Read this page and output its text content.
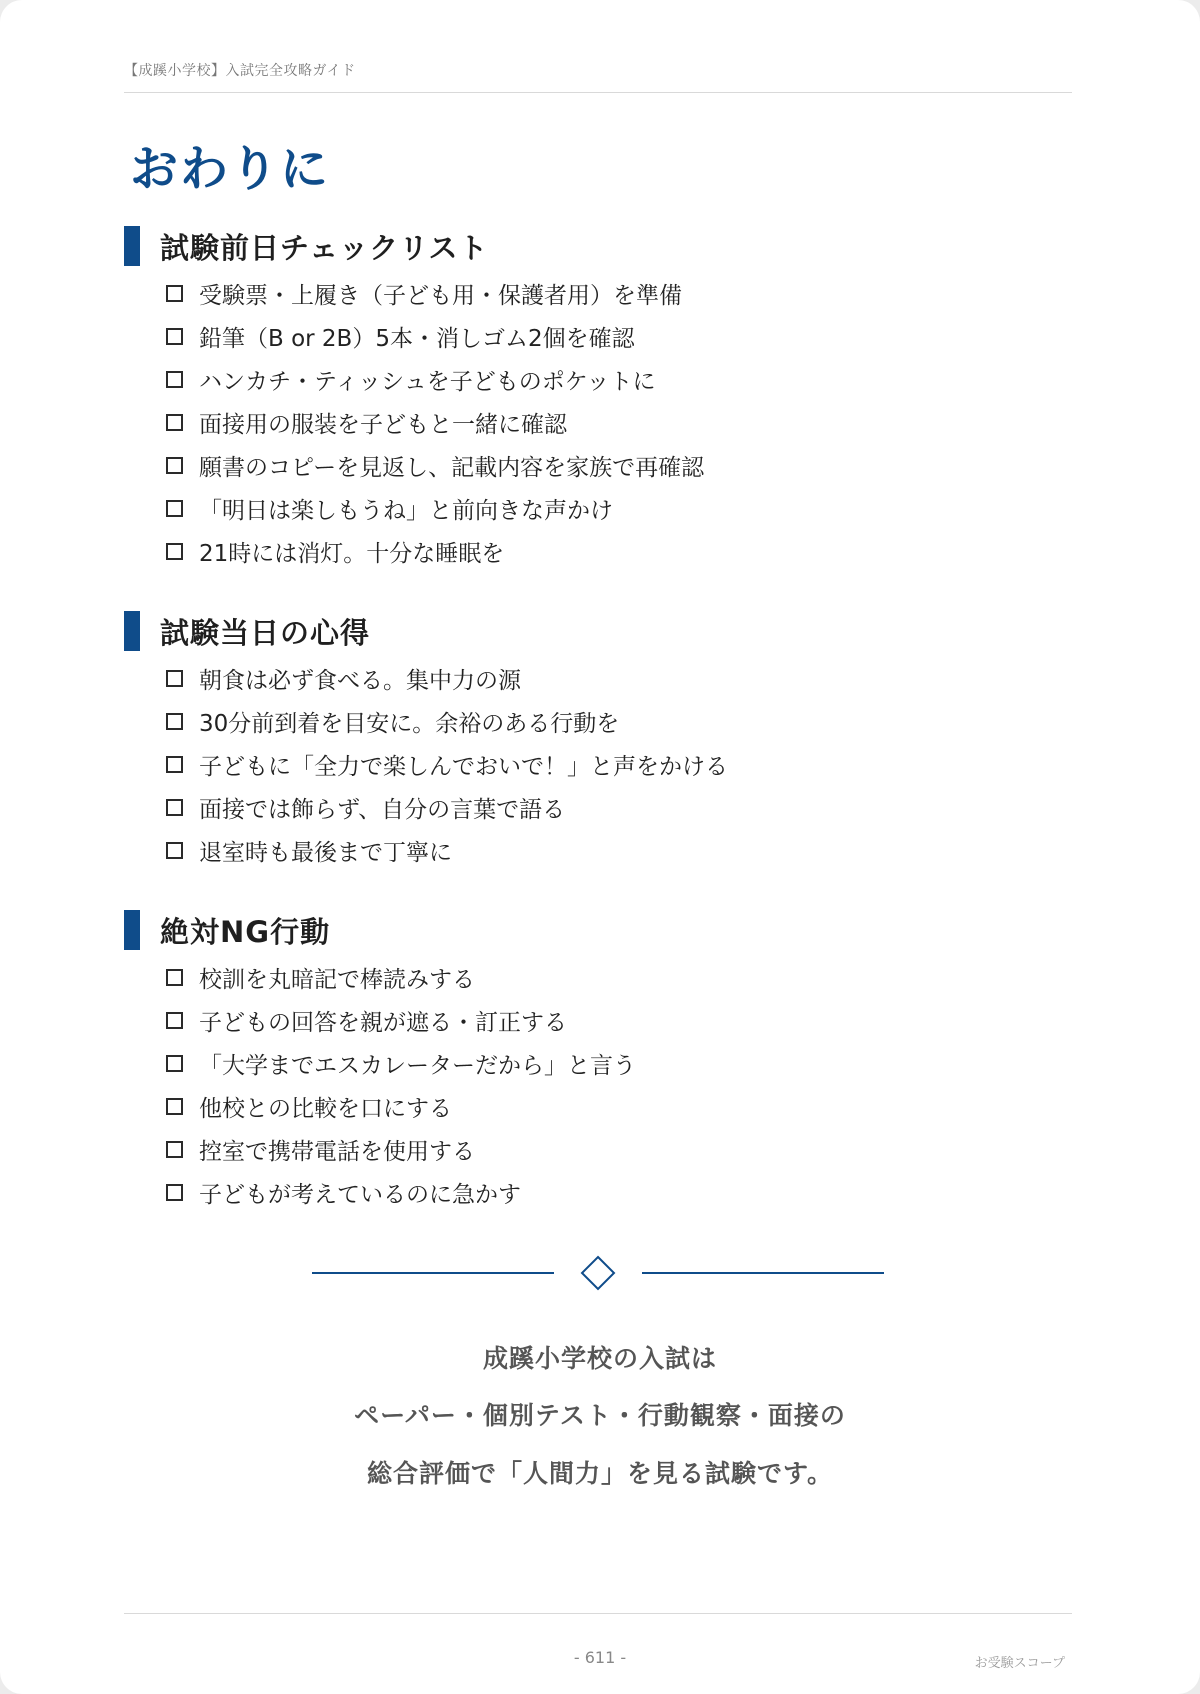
【成蹊小学校】入試完全攻略ガイド
おわりに
試験前日チェックリスト
受験票・上履き（子ども用・保護者用）を準備
鉛筆（B or 2B）5本・消しゴム2個を確認
ハンカチ・ティッシュを子どものポケットに
面接用の服装を子どもと一緒に確認
願書のコピーを見返し、記載内容を家族で再確認
「明日は楽しもうね」と前向きな声かけ
21時には消灯。十分な睡眠を
試験当日の心得
朝食は必ず食べる。集中力の源
30分前到着を目安に。余裕のある行動を
子どもに「全力で楽しんでおいで！」と声をかける
面接では飾らず、自分の言葉で語る
退室時も最後まで丁寧に
絶対NG行動
校訓を丸暗記で棒読みする
子どもの回答を親が遮る・訂正する
「大学までエスカレーターだから」と言う
他校との比較を口にする
控室で携帯電話を使用する
子どもが考えているのに急かす
成蹊小学校の入試は
ペーパー・個別テスト・行動観察・面接の
総合評価で「人間力」を見る試験です。
- 611 -	お受験スコープ
